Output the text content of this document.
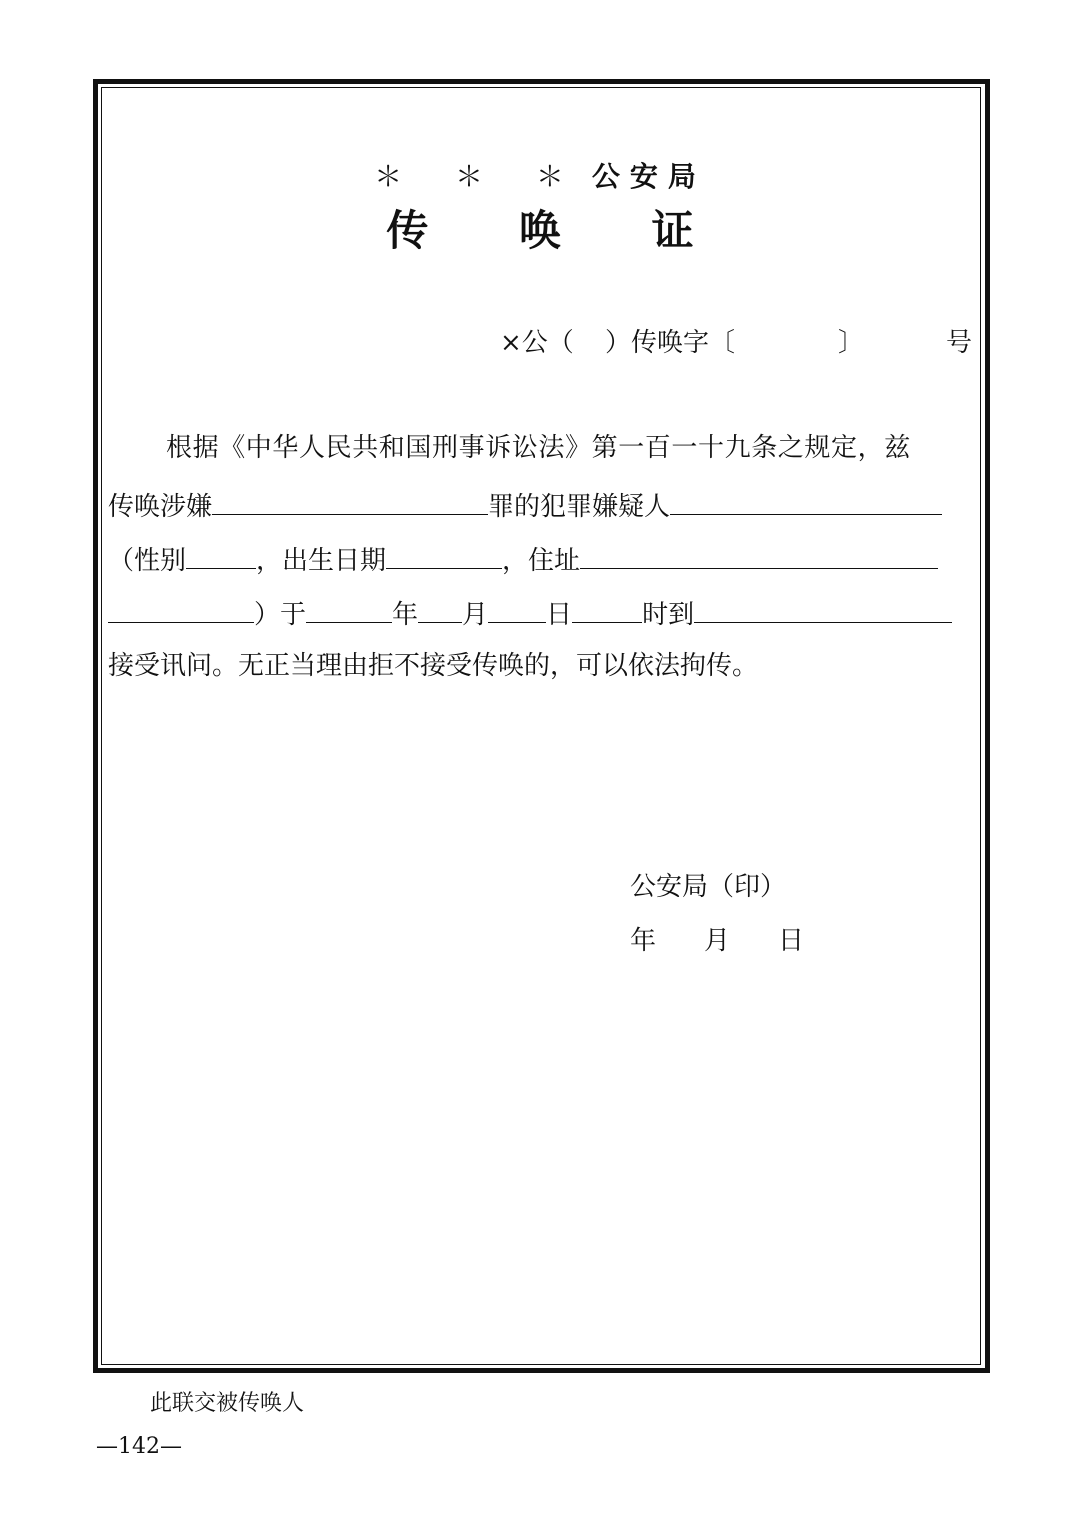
＊ ＊ ＊ 公安局
传 唤 证
×公（ ）传唤字〔	〕	号
根据《中华人民共和国刑事诉讼法》第一百一十九条之规定，兹
传唤涉嫌	罪的犯罪嫌疑人
（性别	，出生日期	，住址
）于	年 月 日	时到
接受讯问。无正当理由拒不接受传唤的，可以依法拘传。
公安局（印）
年 月 日
此联交被传唤人
—142—
